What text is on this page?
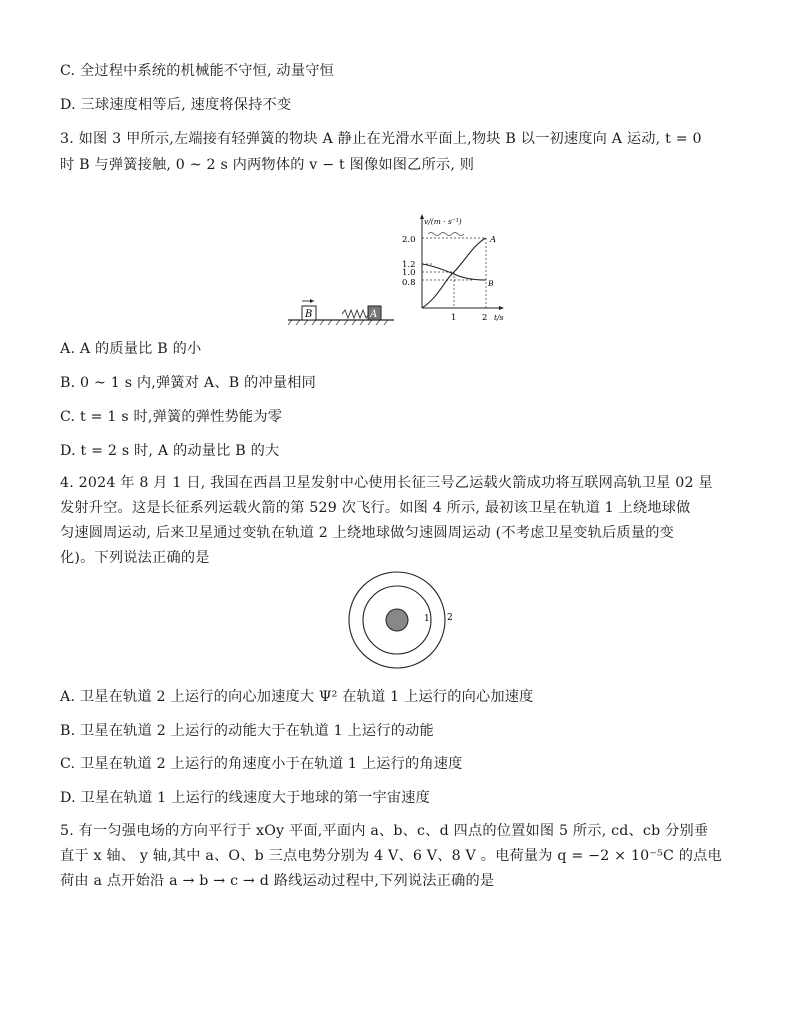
C. 全过程中系统的机械能不守恒, 动量守恒
D. 三球速度相等后, 速度将保持不变
3. 如图 3 甲所示,左端接有轻弹簧的物块 A 静止在光滑水平面上,物块 B 以一初速度向 A 运动, t = 0
时 B 与弹簧接触, 0 ~ 2 s 内两物体的 v − t 图像如图乙所示, 则
B	A
v/(m · s⁻¹)
t/s
2.0
1.2
1.0
0.8
1	2
A
B
A. A 的质量比 B 的小
B. 0 ~ 1 s 内,弹簧对 A、B 的冲量相同
C. t = 1 s 时,弹簧的弹性势能为零
D. t = 2 s 时, A 的动量比 B 的大
4. 2024 年 8 月 1 日, 我国在西昌卫星发射中心使用长征三号乙运载火箭成功将互联网高轨卫星 02 星
发射升空。这是长征系列运载火箭的第 529 次飞行。如图 4 所示, 最初该卫星在轨道 1 上绕地球做
匀速圆周运动, 后来卫星通过变轨在轨道 2 上绕地球做匀速圆周运动 (不考虑卫星变轨后质量的变
化)。下列说法正确的是
1 2
A. 卫星在轨道 2 上运行的向心加速度大 Ψ² 在轨道 1 上运行的向心加速度
B. 卫星在轨道 2 上运行的动能大于在轨道 1 上运行的动能
C. 卫星在轨道 2 上运行的角速度小于在轨道 1 上运行的角速度
D. 卫星在轨道 1 上运行的线速度大于地球的第一宇宙速度
5. 有一匀强电场的方向平行于 xOy 平面,平面内 a、b、c、d 四点的位置如图 5 所示, cd、cb 分别垂
直于 x 轴、 y 轴,其中 a、O、b 三点电势分别为 4 V、6 V、8 V 。电荷量为 q = −2 × 10⁻⁵C 的点电
荷由 a 点开始沿 a → b → c → d 路线运动过程中,下列说法正确的是
